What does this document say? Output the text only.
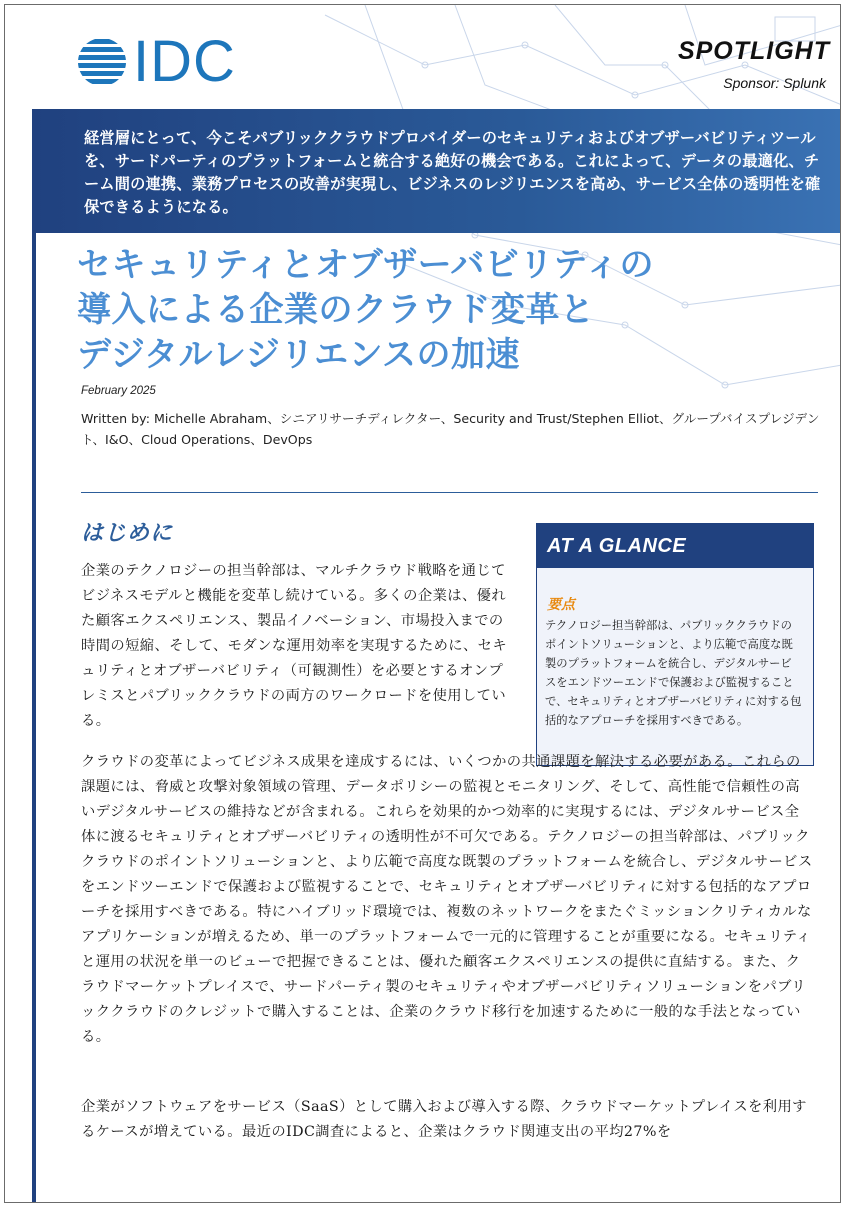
IDC	SPOTLIGHT
Sponsor: Splunk
経営層にとって、今こそパブリッククラウドプロバイダーのセキュリティおよびオブザーバビリティツールを、サードパーティのプラットフォームと統合する絶好の機会である。これによって、データの最適化、チーム間の連携、業務プロセスの改善が実現し、ビジネスのレジリエンスを高め、サービス全体の透明性を確保できるようになる。
セキュリティとオブザーバビリティの
導入による企業のクラウド変革と
デジタルレジリエンスの加速
February 2025
Written by: Michelle Abraham、シニアリサーチディレクター、Security and Trust/Stephen Elliot、グループバイスプレジデント、I&O、Cloud Operations、DevOps
はじめに
企業のテクノロジーの担当幹部は、マルチクラウド戦略を通じてビジネスモデルと機能を変革し続けている。多くの企業は、優れた顧客エクスペリエンス、製品イノベーション、市場投入までの時間の短縮、そして、モダンな運用効率を実現するために、セキュリティとオブザーバビリティ（可観測性）を必要とするオンプレミスとパブリッククラウドの両方のワークロードを使用している。
AT A GLANCE
要点
テクノロジー担当幹部は、パブリッククラウドのポイントソリューションと、より広範で高度な既製のプラットフォームを統合し、デジタルサービスをエンドツーエンドで保護および監視することで、セキュリティとオブザーバビリティに対する包括的なアプローチを採用すべきである。
クラウドの変革によってビジネス成果を達成するには、いくつかの共通課題を解決する必要がある。これらの課題には、脅威と攻撃対象領域の管理、データポリシーの監視とモニタリング、そして、高性能で信頼性の高いデジタルサービスの維持などが含まれる。これらを効果的かつ効率的に実現するには、デジタルサービス全体に渡るセキュリティとオブザーバビリティの透明性が不可欠である。テクノロジーの担当幹部は、パブリッククラウドのポイントソリューションと、より広範で高度な既製のプラットフォームを統合し、デジタルサービスをエンドツーエンドで保護および監視することで、セキュリティとオブザーバビリティに対する包括的なアプローチを採用すべきである。特にハイブリッド環境では、複数のネットワークをまたぐミッションクリティカルなアプリケーションが増えるため、単一のプラットフォームで一元的に管理することが重要になる。セキュリティと運用の状況を単一のビューで把握できることは、優れた顧客エクスペリエンスの提供に直結する。また、クラウドマーケットプレイスで、サードパーティ製のセキュリティやオブザーバビリティソリューションをパブリッククラウドのクレジットで購入することは、企業のクラウド移行を加速するために一般的な手法となっている。
企業がソフトウェアをサービス（SaaS）として購入および導入する際、クラウドマーケットプレイスを利用するケースが増えている。最近のIDC調査によると、企業はクラウド関連支出の平均27%を
